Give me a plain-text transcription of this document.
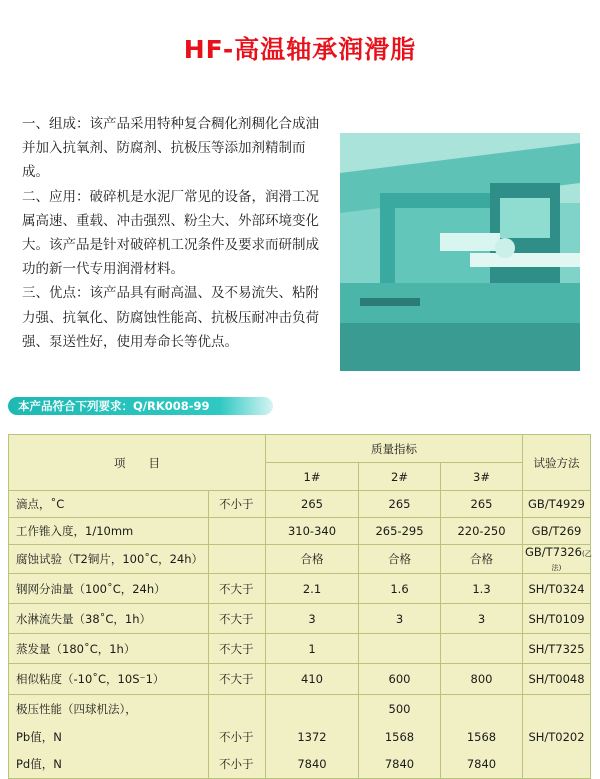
HF-高温轴承润滑脂

一、组成：该产品采用特种复合稠化剂稠化合成油并加入抗氧剂、防腐剂、抗极压等添加剂精制而成。

二、应用：破碎机是水泥厂常见的设备，润滑工况属高速、重载、冲击强烈、粉尘大、外部环境变化大。该产品是针对破碎机工况条件及要求而研制成功的新一代专用润滑材料。

三、优点：该产品具有耐高温、及不易流失、粘附力强、抗氧化、防腐蚀性能高、抗极压耐冲击负荷强、泵送性好，使用寿命长等优点。

本产品符合下列要求：Q/RK008-99
项　　目		质量指标			试验方法
		1#	2#	3#	
滴点，˚C	不小于	265	265	265	GB/T4929
工作锥入度，1/10mm		310-340	265-295	220-250	GB/T269
腐蚀试验（T2铜片，100˚C，24h）		合格	合格	合格	GB/T7326(乙法)
钢网分油量（100˚C，24h）	不大于	2.1	1.6	1.3	SH/T0324
水淋流失量（38˚C，1h）	不大于	3	3	3	SH/T0109
蒸发量（180˚C，1h）	不大于	1			SH/T7325
相似粘度（-10˚C，10S⁻1）	不大于	410	600	800	SH/T0048
极压性能（四球机法），			500		SH/T0202
Pb值，N	不小于	1372	1568	1568	
Pd值，N	不小于	7840	7840	7840	
